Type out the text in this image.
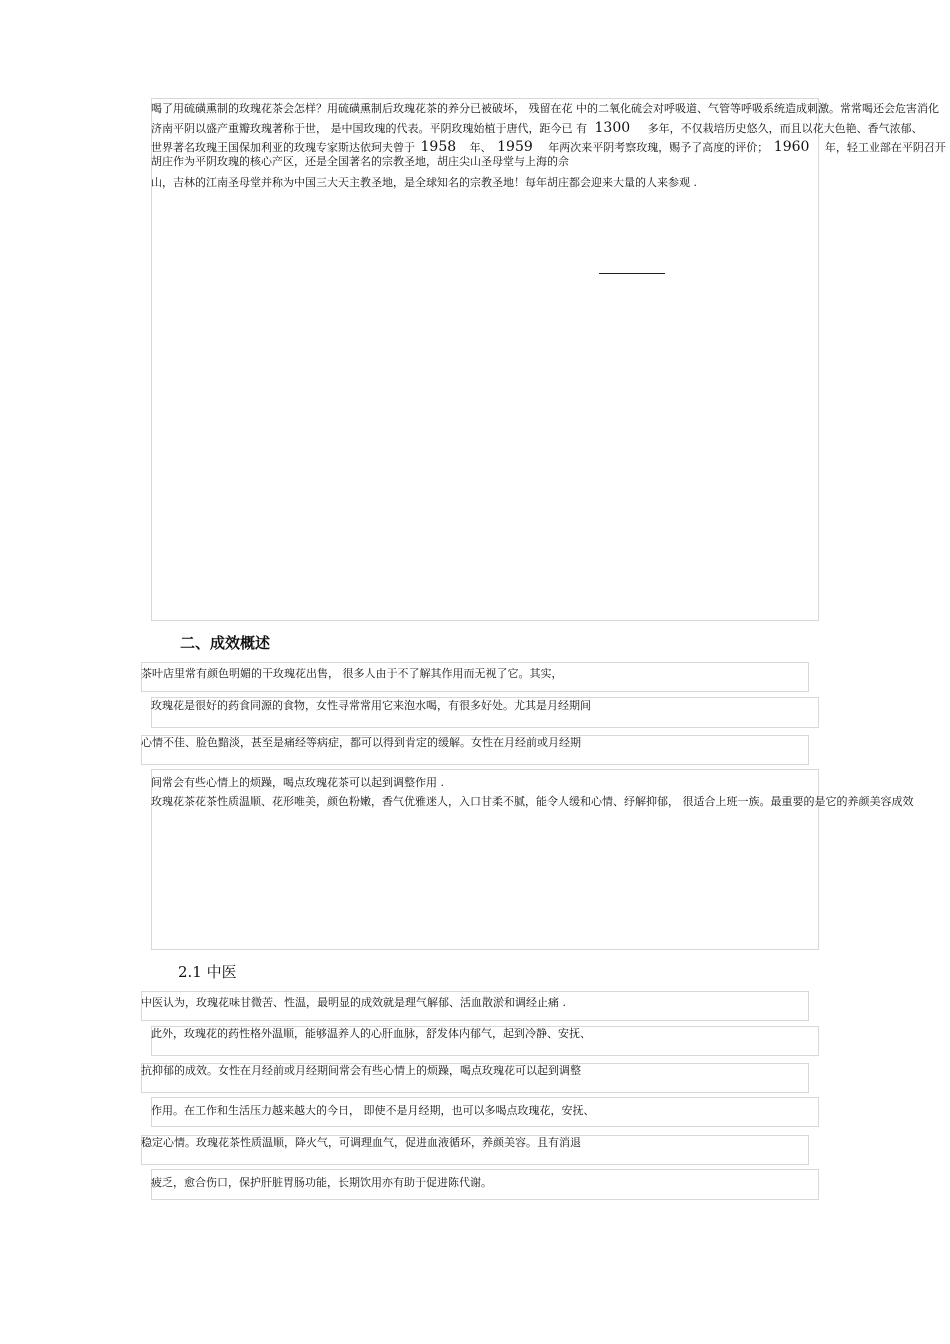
喝了用硫磺熏制的玫瑰花茶会怎样？用硫磺熏制后玫瑰花茶的养分已被破坏， 残留在花 中的二氧化硫会对呼吸道、气管等呼吸系统造成刺激。常常喝还会危害消化
济南平阴以盛产重瓣玫瑰著称于世， 是中国玫瑰的代表。平阴玫瑰始植于唐代，距今已 有 1300 多年，不仅栽培历史悠久，而且以花大色艳、香气浓郁、
世界著名玫瑰王国保加利亚的玫瑰专家斯达依珂夫曾于 1958 年、 1959 年两次来平阴考察玫瑰，赐予了高度的评价； 1960 年，轻工业部在平阴召开
胡庄作为平阴玫瑰的核心产区，还是全国著名的宗教圣地，胡庄尖山圣母堂与上海的佘
山，吉林的江南圣母堂并称为中国三大天主教圣地，是全球知名的宗教圣地！每年胡庄都会迎来大量的人来参观 .
二、成效概述
茶叶店里常有颜色明媚的干玫瑰花出售， 很多人由于不了解其作用而无视了它。其实，
玫瑰花是很好的药食同源的食物，女性寻常常用它来泡水喝，有很多好处。尤其是月经期间
心情不佳、脸色黯淡，甚至是痛经等病症，都可以得到肯定的缓解。女性在月经前或月经期
间常会有些心情上的烦躁，喝点玫瑰花茶可以起到调整作用 .
玫瑰花茶花茶性质温顺、花形唯美，颜色粉嫩，香气优雅迷人，入口甘柔不腻，能令人缓和心情、纾解抑郁， 很适合上班一族。最重要的是它的养颜美容成效
2.1 中医
中医认为，玫瑰花味甘微苦、性温，最明显的成效就是理气解郁、活血散淤和调经止痛 .
此外，玫瑰花的药性格外温顺，能够温养人的心肝血脉，舒发体内郁气，起到冷静、安抚、
抗抑郁的成效。女性在月经前或月经期间常会有些心情上的烦躁，喝点玫瑰花可以起到调整
作用。在工作和生活压力越来越大的今日， 即使不是月经期，也可以多喝点玫瑰花，安抚、
稳定心情。玫瑰花茶性质温顺，降火气，可调理血气，促进血液循环，养颜美容。且有消退
疲乏，愈合伤口，保护肝脏胃肠功能，长期饮用亦有助于促进陈代谢。
